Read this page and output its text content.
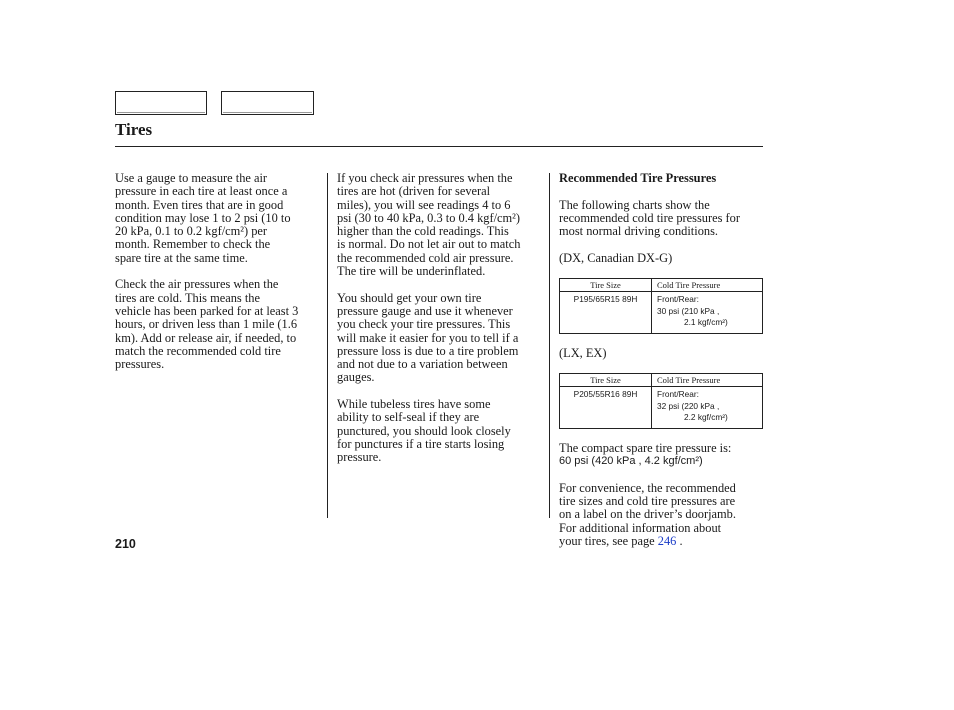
Tires

Use a gauge to measure the air
pressure in each tire at least once a
month. Even tires that are in good
condition may lose 1 to 2 psi (10 to
20 kPa, 0.1 to 0.2 kgf/cm²) per
month. Remember to check the
spare tire at the same time.

Check the air pressures when the
tires are cold. This means the
vehicle has been parked for at least 3
hours, or driven less than 1 mile (1.6
km). Add or release air, if needed, to
match the recommended cold tire
pressures.

If you check air pressures when the
tires are hot (driven for several
miles), you will see readings 4 to 6
psi (30 to 40 kPa, 0.3 to 0.4 kgf/cm²)
higher than the cold readings. This
is normal. Do not let air out to match
the recommended cold air pressure.
The tire will be underinflated.

You should get your own tire
pressure gauge and use it whenever
you check your tire pressures. This
will make it easier for you to tell if a
pressure loss is due to a tire problem
and not due to a variation between
gauges.

While tubeless tires have some
ability to self-seal if they are
punctured, you should look closely
for punctures if a tire starts losing
pressure.

Recommended Tire Pressures

The following charts show the
recommended cold tire pressures for
most normal driving conditions.

(DX, Canadian DX-G)

Tire Size	Cold Tire Pressure
P195/65R15 89H	Front/Rear:
30 psi (210 kPa ,
2.1 kgf/cm²)

(LX, EX)

Tire Size	Cold Tire Pressure
P205/55R16 89H	Front/Rear:
32 psi (220 kPa ,
2.2 kgf/cm²)

The compact spare tire pressure is:

60 psi (420 kPa , 4.2 kgf/cm²)

For convenience, the recommended
tire sizes and cold tire pressures are
on a label on the driver’s doorjamb.
For additional information about
your tires, see page 246 .

210
